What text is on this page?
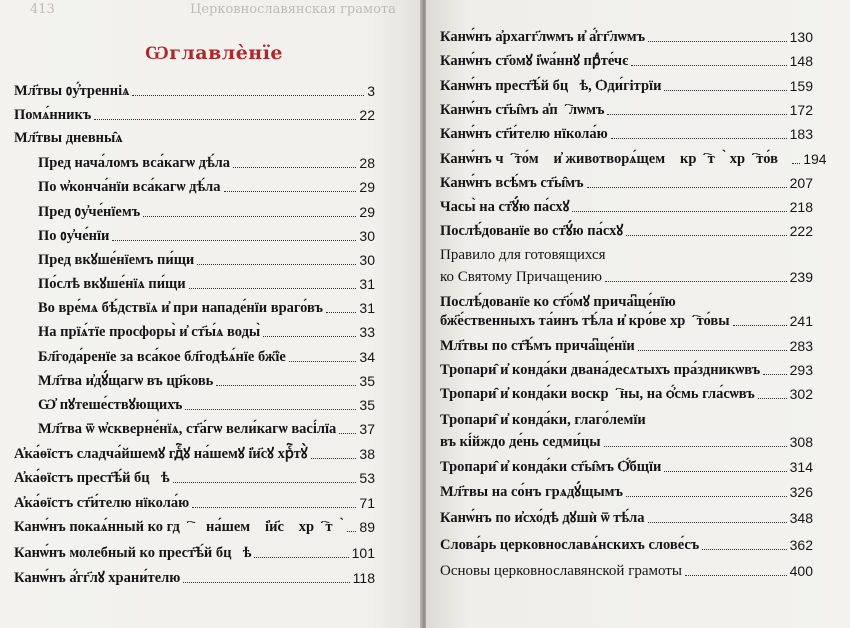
413	Церковнославянская грамота
Ѡглавлѐнїе
Мл҃твы ᲂу҆́тренніѧ	3
Помѧ́нникъ	22
Мл҃твы дневны̑ѧ
Пред нача́ломъ вса́кагѡ дѣ́ла	28
По ѡ҆конча́нїи вса́кагѡ дѣ́ла	29
Пред ᲂу҆че́нїемъ	29
По ᲂу҆че́нїи	30
Пред вкꙋше́нїемъ пи́щи	30
По́слѣ вкꙋше́нїѧ пи́щи	31
Во вре́мѧ бѣ́дствїѧ и҆ при нападе́нїи враго́въ	31
На прїѧ́тїе просфоры̀ и҆ ст҃ы́ѧ воды̀	33
Бл҃года́ренїе за вса́кое бл҃годѣѧ́нїе бж҃їе	34
Мл҃тва и҆дꙋ́щагѡ въ цр҃ковь	35
Ѡ҆ пꙋтеше́ствꙋющихъ	35
Мл҃тва ѿ ѡ҆скверне́нїѧ, ст҃а́гѡ вели́кагѡ васі́лїа 37
А҆ка́ѳїстъ сладча́йшемꙋ гдⷭ҇ꙋ на́шемꙋ і҆и҃сꙋ хрⷭ҇тꙋ̀	38
А҆ка́ѳїстъ прест҃ѣ́й бцⷣѣ	53
А҆ка́ѳїстъ ст҃и́телю нїкола́ю	71
Канѡ́нъ покаѧ́нный ко гдⷭ҇ꙋ на́шемꙋ і҆и҃сꙋ хрⷭ҇тꙋ̀ 89
Канѡ́нъ молебный ко прест҃ѣ́й бцⷣѣ	101
Канѡ́нъ а҆́гг҃лꙋ храни́телю	118
Канѡ́нъ а҆рхагг҃лѡмъ и҆ а҆́гг҃лѡмъ	130
Канѡ́нъ ст҃омꙋ і҆ѡа́ннꙋ прⷣте́чє	148
Канѡ́нъ прест҃ѣ́й бцⷣѣ, Ѻди́гітрїи	159
Канѡ́нъ ст҃ы̑мъ а҆пⷭ҇лѡмъ	172
Канѡ́нъ ст҃и́телю нїкола́ю	183
Канѡ́нъ чⷭ҇то́мꙋ и҆ животворѧ́щемꙋ крⷭ҇тꙋ̀ хрⷭ҇то́вꙋ 194
Канѡ́нъ всѣ́мъ ст҃ы̑мъ	207
Часы̀ на ст҃ꙋ́ю па́схꙋ	218
Послѣ́дованїе во ст҃ꙋ́ю па́схꙋ	222
Правило для готовящихся
ко Святому Причащению	239
Послѣ́дованїе ко ст҃о́мꙋ прича͆ще́нїю
бж҃е́ственныхъ та́инъ тѣ́ла и҆ кро́ве хрⷭ҇то́вы	241
Мл҃твы по ст҃ѣ́мъ прича͆ще́нїи	283
Тропари̑ и҆ конда́ки двана́десѧтыхъ пра́здникѡвъ 293
Тропари̑ и҆ конда́ки воскрⷭ҇ны, на ѻ҆́смь гла́сѡвъ 302
Тропари̑ и҆ конда́ки, глаго́лемїи
въ кі́йждо де́нь седми́цы	308
Тропари̑ и҆ конда́ки ст҃ы̑мъ Ѻ҆́бщїи	314
Мл҃твы на со́нъ грѧдꙋ́щымъ	326
Канѡ́нъ по и҆схо́дѣ дꙋшѝ ѿ тѣ́ла	348
Слова́рь церковнославѧ́нскихъ слове́съ	362
Основы церковнославянской грамоты	400
